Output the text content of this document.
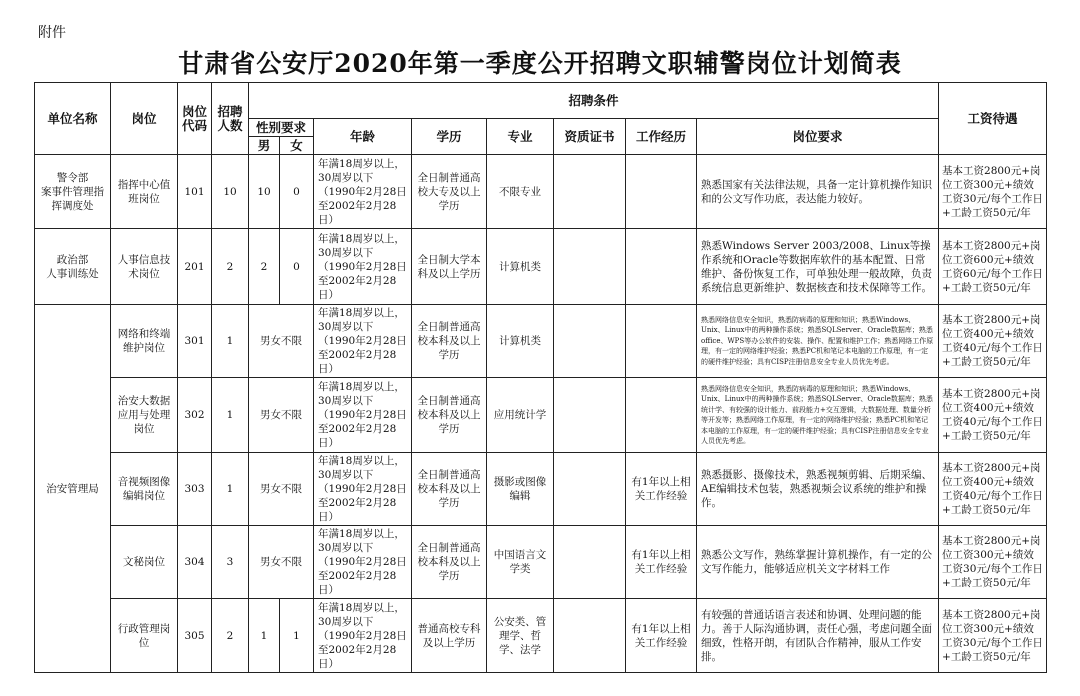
附件
甘肃省公安厅2020年第一季度公开招聘文职辅警岗位计划简表
单位名称	岗位	岗位代码	招聘人数	招聘条件								工资待遇
				性别要求		年龄	学历	专业	资质证书	工作经历	岗位要求	
				男	女							
警令部
案事件管理指挥调度处	指挥中心值班岗位	101	10	10	0	年满18周岁以上，30周岁以下（1990年2月28日至2002年2月28日）	全日制普通高校大专及以上学历	不限专业			熟悉国家有关法律法规，具备一定计算机操作知识和的公文写作功底，表达能力较好。	基本工资2800元+岗位工资300元+绩效工资30元/每个工作日+工龄工资50元/年
政治部
人事训练处	人事信息技术岗位	201	2	2	0	年满18周岁以上，30周岁以下（1990年2月28日至2002年2月28日）	全日制大学本科及以上学历	计算机类			熟悉Windows Server 2003/2008、Linux等操作系统和Oracle等数据库软件的基本配置、日常维护、备份恢复工作，可单独处理一般故障，负责系统信息更新维护、数据核查和技术保障等工作。	基本工资2800元+岗位工资600元+绩效工资60元/每个工作日+工龄工资50元/年
治安管理局	网络和终端维护岗位	301	1	男女不限		年满18周岁以上，30周岁以下（1990年2月28日至2002年2月28日）	全日制普通高校本科及以上学历	计算机类			熟悉网络信息安全知识，熟悉防病毒的原理和知识；熟悉Windows、Unix、Linux中的两种操作系统；熟悉SQLServer、Oracle数据库；熟悉office、WPS等办公软件的安装、操作、配置和维护工作；熟悉网络工作原理，有一定的网络维护经验；熟悉PC机和笔记本电脑的工作原理，有一定的硬件维护经验；具有CISP注册信息安全专业人员优先考虑。	基本工资2800元+岗位工资400元+绩效工资40元/每个工作日+工龄工资50元/年
	治安大数据应用与处理岗位	302	1	男女不限		年满18周岁以上，30周岁以下（1990年2月28日至2002年2月28日）	全日制普通高校本科及以上学历	应用统计学			熟悉网络信息安全知识，熟悉防病毒的原理和知识；熟悉Windows、Unix、Linux中的两种操作系统；熟悉SQLServer、Oracle数据库；熟悉统计学、有较强的设计能力、前段能力+交互逻辑，大数据处理、数量分析等开发等；熟悉网络工作原理，有一定的网络维护经验；熟悉PC机和笔记本电脑的工作原理，有一定的硬件维护经验；具有CISP注册信息安全专业人员优先考虑。	基本工资2800元+岗位工资400元+绩效工资40元/每个工作日+工龄工资50元/年
	音视频图像编辑岗位	303	1	男女不限		年满18周岁以上，30周岁以下（1990年2月28日至2002年2月28日）	全日制普通高校本科及以上学历	摄影或图像编辑		有1年以上相关工作经验	熟悉摄影、摄像技术，熟悉视频剪辑、后期采编、AE编辑技术包装，熟悉视频会议系统的维护和操作。	基本工资2800元+岗位工资400元+绩效工资40元/每个工作日+工龄工资50元/年
	文秘岗位	304	3	男女不限		年满18周岁以上，30周岁以下（1990年2月28日至2002年2月28日）	全日制普通高校本科及以上学历	中国语言文学类		有1年以上相关工作经验	熟悉公文写作，熟练掌握计算机操作，有一定的公文写作能力，能够适应机关文字材料工作	基本工资2800元+岗位工资300元+绩效工资30元/每个工作日+工龄工资50元/年
	行政管理岗位	305	2	1	1	年满18周岁以上，30周岁以下（1990年2月28日至2002年2月28日）	普通高校专科及以上学历	公安类、管理学、哲学、法学		有1年以上相关工作经验	有较强的普通话语言表述和协调、处理问题的能力。善于人际沟通协调，责任心强，考虑问题全面细致，性格开朗，有团队合作精神，服从工作安排。	基本工资2800元+岗位工资300元+绩效工资30元/每个工作日+工龄工资50元/年
